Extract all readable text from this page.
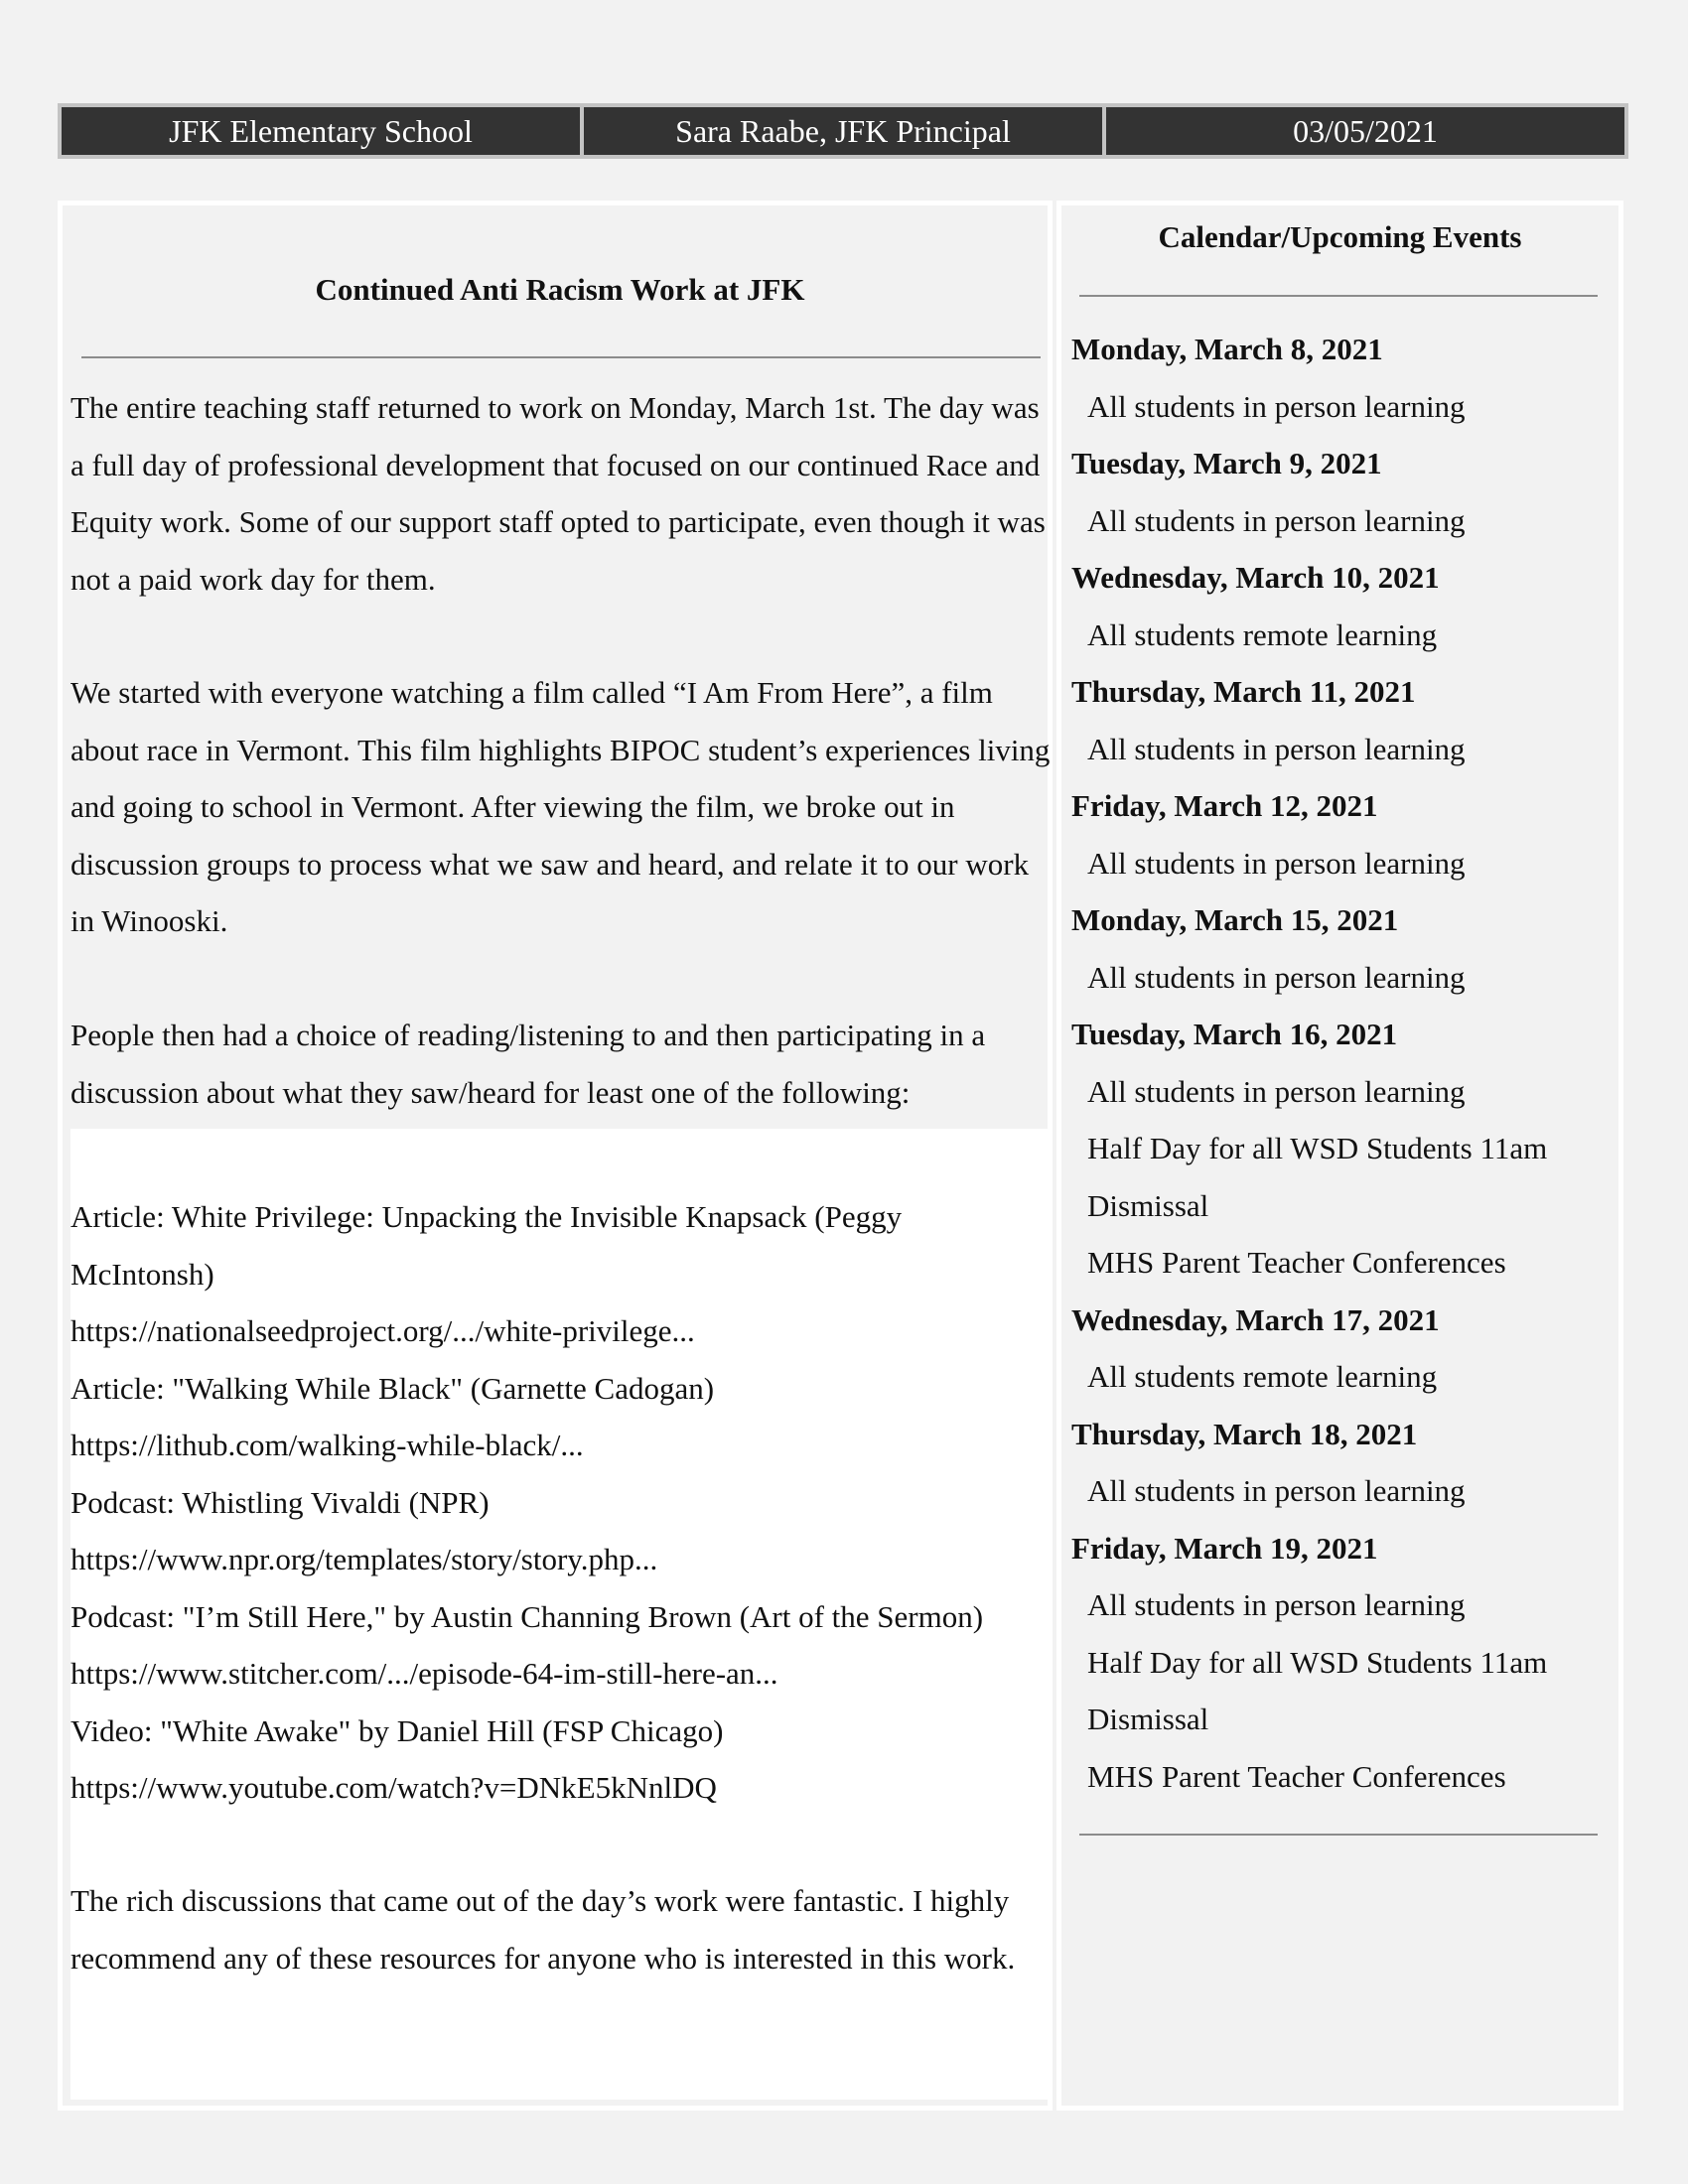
JFK Elementary School	Sara Raabe, JFK Principal	03/05/2021
Continued Anti Racism Work at JFK

The entire teaching staff returned to work on Monday, March 1st. The day was a full day of professional development that focused on our continued Race and Equity work. Some of our support staff opted to participate, even though it was not a paid work day for them.

We started with everyone watching a film called “I Am From Here”, a film about race in Vermont. This film highlights BIPOC student’s experiences living and going to school in Vermont. After viewing the film, we broke out in discussion groups to process what we saw and heard, and relate it to our work in Winooski.

People then had a choice of reading/listening to and then participating in a discussion about what they saw/heard for least one of the following:

Article: White Privilege: Unpacking the Invisible Knapsack (Peggy McIntonsh)
https://nationalseedproject.org/.../white-privilege...
Article: "Walking While Black" (Garnette Cadogan)
https://lithub.com/walking-while-black/...
Podcast: Whistling Vivaldi (NPR)
https://www.npr.org/templates/story/story.php...
Podcast: "I’m Still Here," by Austin Channing Brown (Art of the Sermon)
https://www.stitcher.com/.../episode-64-im-still-here-an...
Video: "White Awake" by Daniel Hill (FSP Chicago)
https://www.youtube.com/watch?v=DNkE5kNnlDQ

The rich discussions that came out of the day’s work were fantastic. I highly recommend any of these resources for anyone who is interested in this work.

Calendar/Upcoming Events
Monday, March 8, 2021
All students in person learning
Tuesday, March 9, 2021
All students in person learning
Wednesday, March 10, 2021
All students remote learning
Thursday, March 11, 2021
All students in person learning
Friday, March 12, 2021
All students in person learning
Monday, March 15, 2021
All students in person learning
Tuesday, March 16, 2021
All students in person learning
Half Day for all WSD Students 11am Dismissal
MHS Parent Teacher Conferences
Wednesday, March 17, 2021
All students remote learning
Thursday, March 18, 2021
All students in person learning
Friday, March 19, 2021
All students in person learning
Half Day for all WSD Students 11am Dismissal
MHS Parent Teacher Conferences
